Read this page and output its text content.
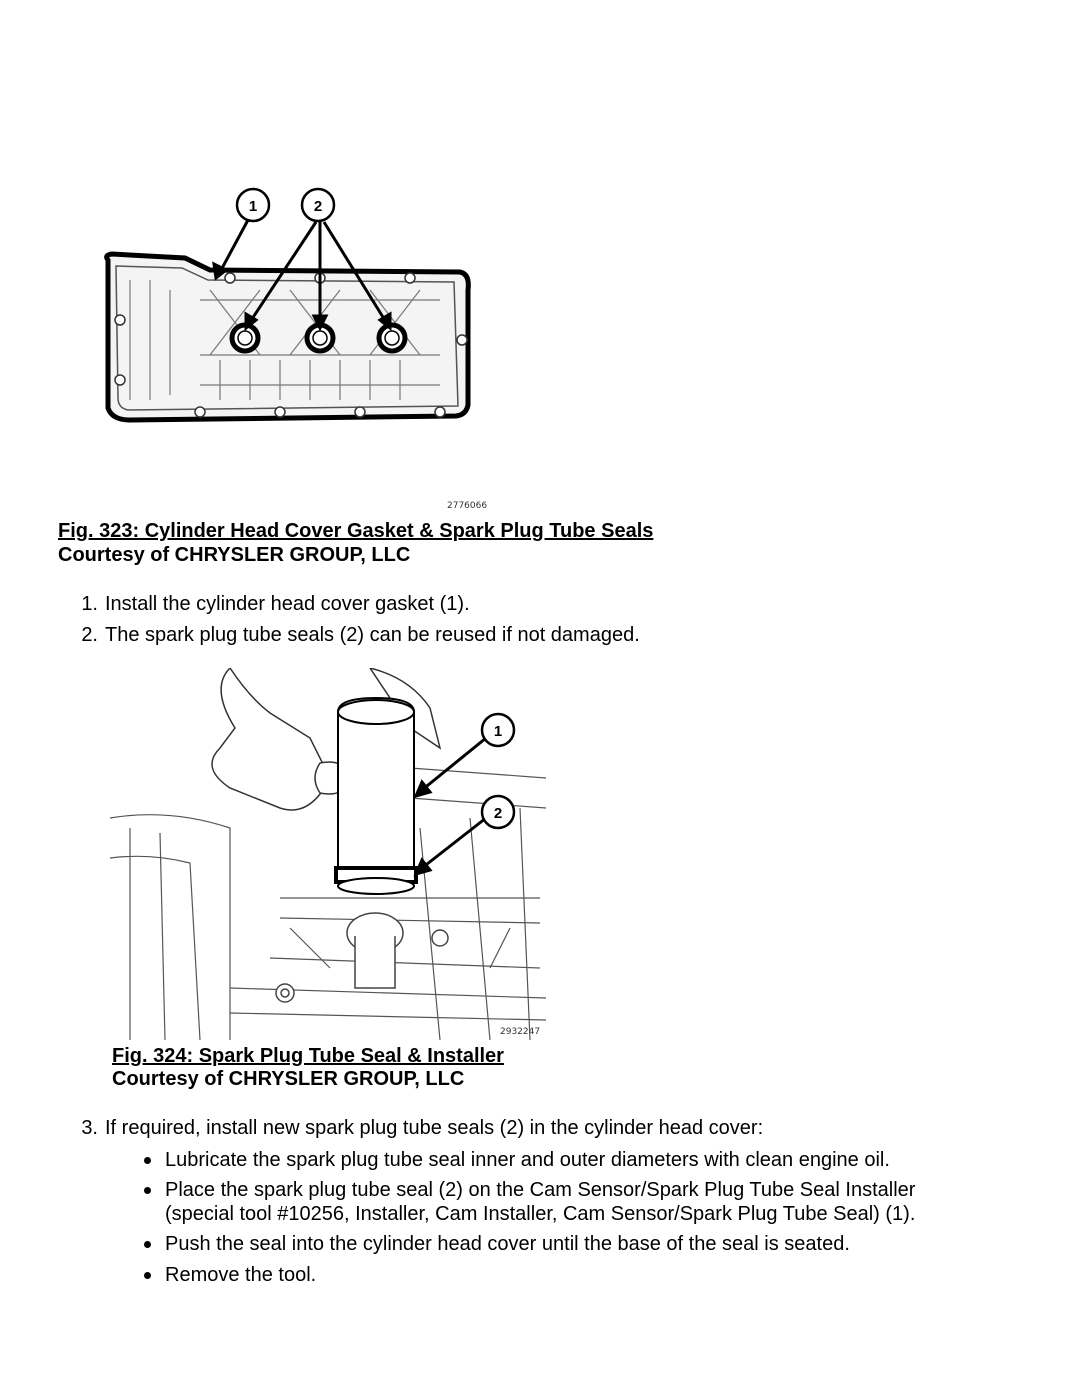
1	2
2776066
Fig. 323: Cylinder Head Cover Gasket & Spark Plug Tube Seals
Courtesy of CHRYSLER GROUP, LLC
1. Install the cylinder head cover gasket (1).
2. The spark plug tube seals (2) can be reused if not damaged.
1
2
2932247
Fig. 324: Spark Plug Tube Seal & Installer
Courtesy of CHRYSLER GROUP, LLC
3. If required, install new spark plug tube seals (2) in the cylinder head cover:
Lubricate the spark plug tube seal inner and outer diameters with clean engine oil.
Place the spark plug tube seal (2) on the Cam Sensor/Spark Plug Tube Seal Installer
(special tool #10256, Installer, Cam Installer, Cam Sensor/Spark Plug Tube Seal) (1).
Push the seal into the cylinder head cover until the base of the seal is seated.
Remove the tool.
